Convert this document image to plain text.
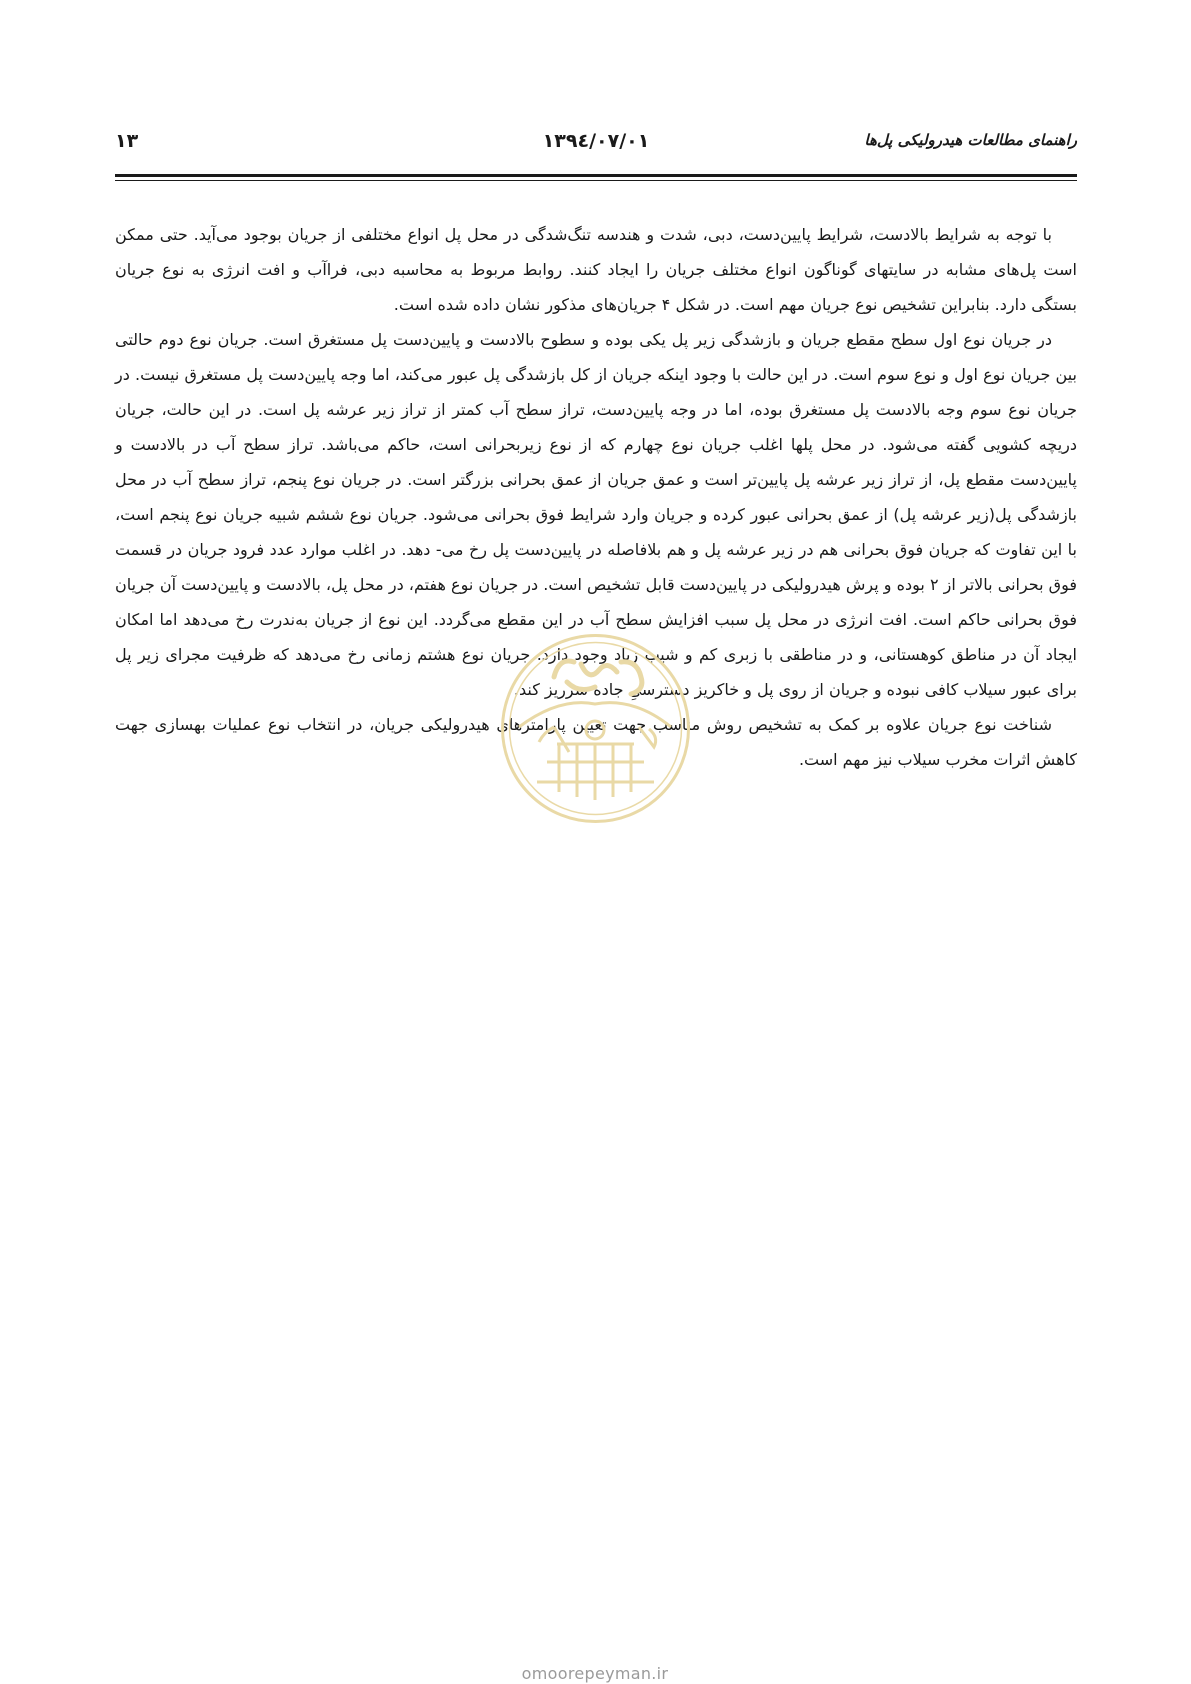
۱۳	۱۳۹٤/۰۷/۰۱	راهنمای مطالعات هیدرولیکی پل‌ها

با توجه به شرایط بالادست، شرایط پایین‌دست، دبی، شدت و هندسه تنگ‌شدگی در محل پل انواع مختلفی از جریان بوجود می‌آید. حتی ممکن است پل‌های مشابه در سایتهای گوناگون انواع مختلف جریان را ایجاد کنند. روابط مربوط به محاسبه دبی، فراآب و افت انرژی به نوع جریان بستگی دارد. بنابراین تشخیص نوع جریان مهم است. در شکل ۴ جریان‌های مذکور نشان داده شده است.

در جریان نوع اول سطح مقطع جریان و بازشدگی زیر پل یکی بوده و سطوح بالادست و پایین‌دست پل مستغرق است. جریان نوع دوم حالتی بین جریان نوع اول و نوع سوم است. در این حالت با وجود اینکه جریان از کل بازشدگی پل عبور می‌کند، اما وجه پایین‌دست پل مستغرق نیست. در جریان نوع سوم وجه بالادست پل مستغرق بوده، اما در وجه پایین‌دست، تراز سطح آب کمتر از تراز زیر عرشه پل است. در این حالت، جریان دریچه کشویی گفته می‌شود. در محل پلها اغلب جریان نوع چهارم که از نوع زیربحرانی است، حاکم می‌باشد. تراز سطح آب در بالادست و پایین‌دست مقطع پل، از تراز زیر عرشه پل پایین‌تر است و عمق جریان از عمق بحرانی بزرگتر است. در جریان نوع پنجم، تراز سطح آب در محل بازشدگی پل(زیر عرشه پل) از عمق بحرانی عبور کرده و جریان وارد شرایط فوق بحرانی می‌شود. جریان نوع ششم شبیه جریان نوع پنجم است، با این تفاوت که جریان فوق بحرانی هم در زیر عرشه پل و هم بلافاصله در پایین‌دست پل رخ می- دهد. در اغلب موارد عدد فرود جریان در قسمت فوق بحرانی بالاتر از ۲ بوده و پرش هیدرولیکی در پایین‌دست قابل تشخیص است. در جریان نوع هفتم، در محل پل، بالادست و پایین‌دست آن جریان فوق بحرانی حاکم است. افت انرژی در محل پل سبب افزایش سطح آب در این مقطع می‌گردد. این نوع از جریان به‌ندرت رخ می‌دهد اما امکان ایجاد آن در مناطق کوهستانی، و در مناطقی با زبری کم و شیب زیاد وجود دارد. جریان نوع هشتم زمانی رخ می‌دهد که ظرفیت مجرای زیر پل برای عبور سیلاب کافی نبوده و جریان از روی پل و خاکریز دسترسیِ جاده سرریز کند.

شناخت نوع جریان علاوه بر کمک به تشخیص روش مناسب جهت تعیین پارامترهای هیدرولیکی جریان، در انتخاب نوع عملیات بهسازی جهت کاهش اثرات مخرب سیلاب نیز مهم است.

omoorepeyman.ir
